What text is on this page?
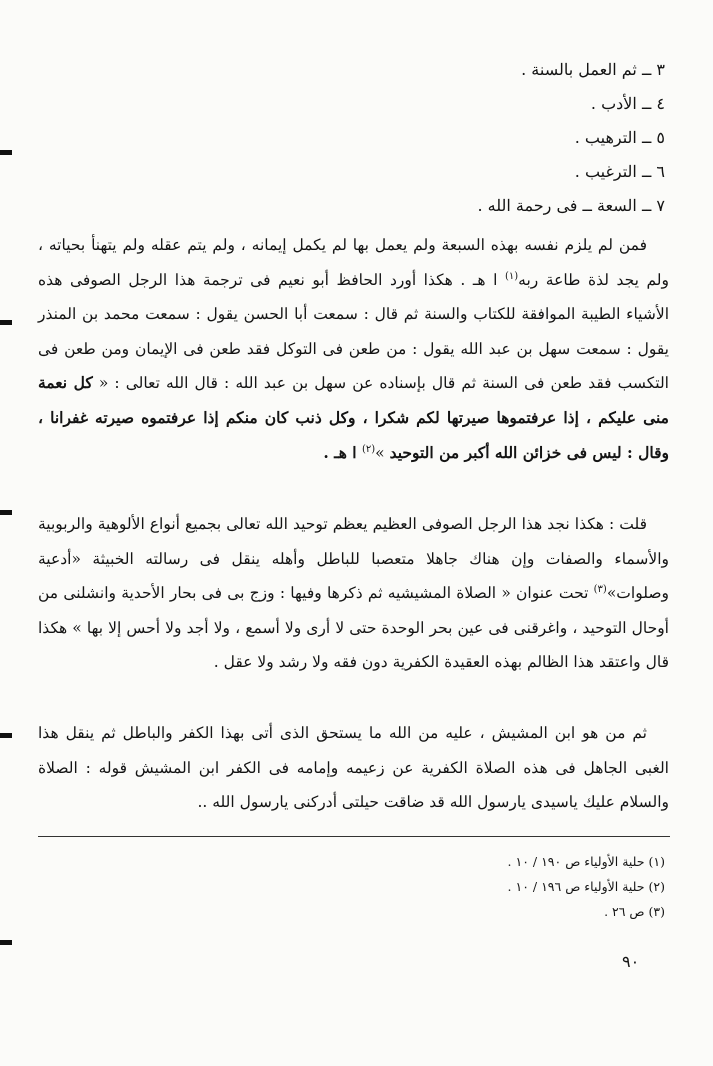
٣ ــ ثم العمل بالسنة .
٤ ــ الأدب .
٥ ــ الترهيب .
٦ ــ الترغيب .
٧ ــ السعة ــ فى رحمة الله .

فمن لم يلزم نفسه بهذه السبعة ولم يعمل بها لم يكمل إيمانه ، ولم يتم عقله ولم يتهنأ بحياته ، ولم يجد لذة طاعة ربه$^{(١)}$ ا هـ . هكذا أورد الحافظ أبو نعيم فى ترجمة هذا الرجل الصوفى هذه الأشياء الطيبة الموافقة للكتاب والسنة ثم قال : سمعت أبا الحسن يقول : سمعت محمد بن المنذر يقول : سمعت سهل بن عبد الله يقول : من طعن فى التوكل فقد طعن فى الإيمان ومن طعن فى التكسب فقد طعن فى السنة ثم قال بإسناده عن سهل بن عبد الله : قال الله تعالى : « كل نعمة منى عليكم ، إذا عرفتموها صيرتها لكم شكرا ، وكل ذنب كان منكم إذا عرفتموه صيرته غفرانا ، وقال : ليس فى خزائن الله أكبر من التوحيد »$^{(٢)}$ ا هـ .

قلت : هكذا نجد هذا الرجل الصوفى العظيم يعظم توحيد الله تعالى بجميع أنواع الألوهية والربوبية والأسماء والصفات وإن هناك جاهلا متعصبا للباطل وأهله ينقل فى رسالته الخبيثة «أدعية وصلوات»$^{(٣)}$ تحت عنوان « الصلاة المشيشيه ثم ذكرها وفيها : وزج بى فى بحار الأحدية وانشلنى من أوحال التوحيد ، واغرقنى فى عين بحر الوحدة حتى لا أرى ولا أسمع ، ولا أجد ولا أحس إلا بها » هكذا قال واعتقد هذا الظالم بهذه العقيدة الكفرية دون فقه ولا رشد ولا عقل .

ثم من هو ابن المشيش ، عليه من الله ما يستحق الذى أتى بهذا الكفر والباطل ثم ينقل هذا الغبى الجاهل فى هذه الصلاة الكفرية عن زعيمه وإمامه فى الكفر ابن المشيش قوله : الصلاة والسلام عليك ياسيدى يارسول الله قد ضاقت حيلتى أدركنى يارسول الله ..

(١) حلية الأولياء ص ١٩٠ / ١٠ .
(٢) حلية الأولياء ص ١٩٦ / ١٠ .
(٣) ص ٢٦ .
٩٠
